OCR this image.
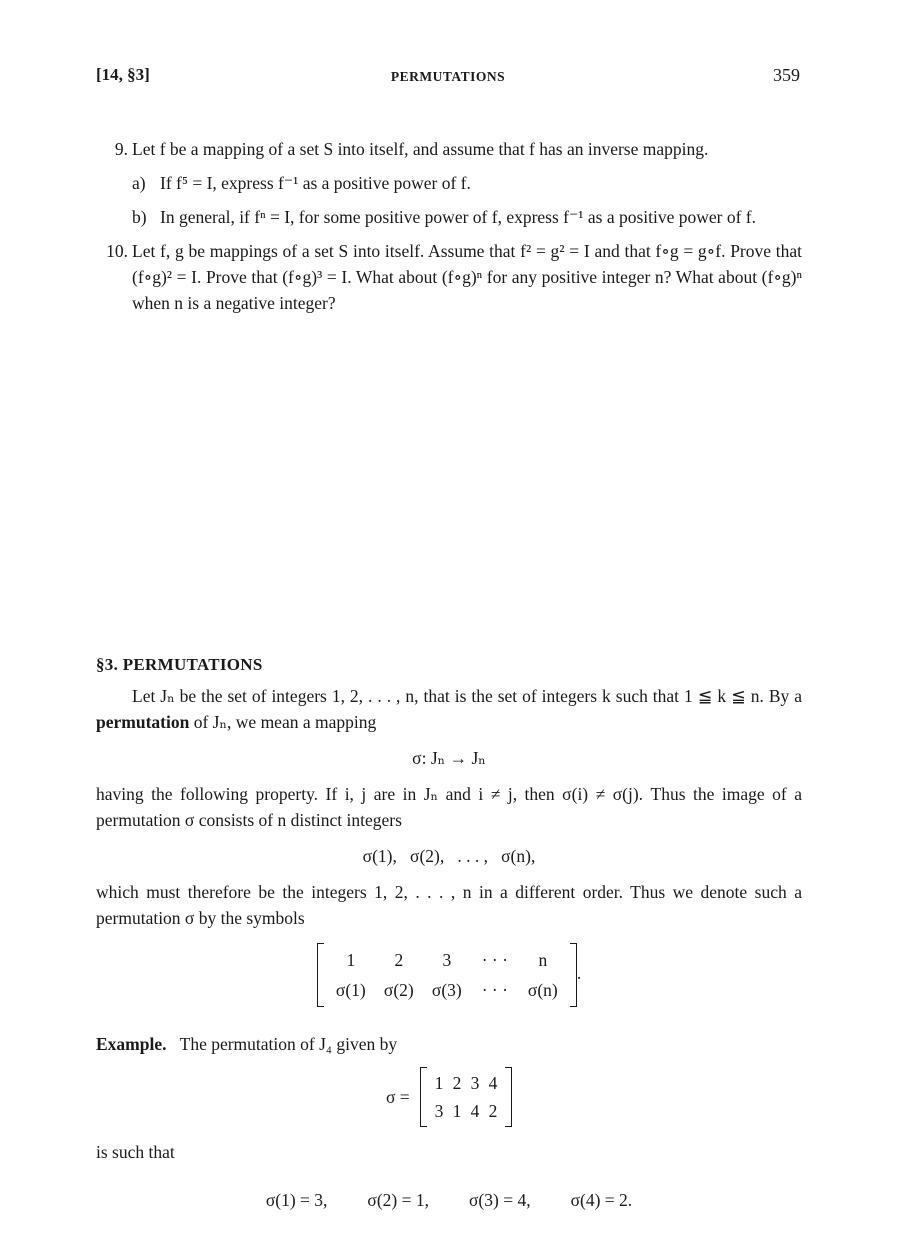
[14, §3]	PERMUTATIONS	359
9. Let f be a mapping of a set S into itself, and assume that f has an inverse mapping.
a) If f⁵ = I, express f⁻¹ as a positive power of f.
b) In general, if fⁿ = I, for some positive power of f, express f⁻¹ as a positive power of f.
10. Let f, g be mappings of a set S into itself. Assume that f² = g² = I and that f∘g = g∘f. Prove that (f∘g)² = I. Prove that (f∘g)³ = I. What about (f∘g)ⁿ for any positive integer n? What about (f∘g)ⁿ when n is a negative integer?
§3. PERMUTATIONS

Let Jₙ be the set of integers 1, 2, . . . , n, that is the set of integers k such that 1 ≦ k ≦ n. By a permutation of Jₙ, we mean a mapping

σ: Jₙ → Jₙ

having the following property. If i, j are in Jₙ and i ≠ j, then σ(i) ≠ σ(j). Thus the image of a permutation σ consists of n distinct integers

σ(1),   σ(2),   . . . ,   σ(n),

which must therefore be the integers 1, 2, . . . , n in a different order. Thus we denote such a permutation σ by the symbols

1 2 3 · · · n
σ(1) σ(2) σ(3) · · · σ(n)
.

Example. The permutation of J₄ given by

σ =
1 2 3 4
3 1 4 2

is such that

σ(1) = 3, σ(2) = 1, σ(3) = 4, σ(4) = 2.
